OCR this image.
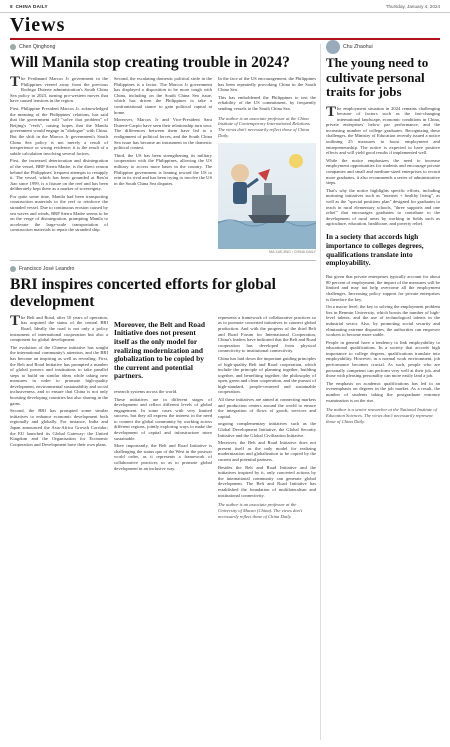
8 CHINA DAILY	Thursday, January 4, 2024
Views
Chen Qinghong
Will Manila stop creating trouble in 2024?

The Ferdinand Marcos Jr government in the Philippines veered away from the previous Rodrigo Duterte administration's South China Sea policy in 2023, turning pro-western moves that have caused tensions in the region.

First, Philippine President Marcos Jr. acknowledged the meaning of the Philippines' relations, has said that the government will "solve that problem" of Beijing's "reefs", raising hopes that the Manila government would engage in "dialogue" with China. But the shift in the Marcos Jr government's South China Sea policy is not merely a result of inexperience or wrong evidence; it is the result of a subtle calculation involving several factors.

First, the increased deterioration and disintegration of the vessel, BRP Sierra Madre, is the direct reason behind the Philippines' frequent attempts to resupply it. The vessel, which has been grounded at Ren'ai Jiao since 1999, is a fixture on the reef and has been deliberately kept there as a marker of sovereignty.

For quite some time, Manila had been transporting construction materials to the reef to reinforce the stranded vessel. Due to continuous erosion caused by sea waves and winds, BRP Sierra Madre seems to be on the verge of disintegration, prompting Manila to accelerate the large-scale transportation of construction materials to repair the stranded ship.

Second, the escalating domestic political strife in the Philippines is a factor. The Marcos Jr government has displayed a disposition to be more tough with China, including on the South China Sea issue, which has driven the Philippines to take a confrontational stance to gain political capital at home.

Moreover, Marcos Jr and Vice-President Sara Duterte-Carpio have seen their relationship turn sour. The differences between them have led to a realignment of political forces, and the South China Sea issue has become an instrument in the domestic political contest.

Third, the US has been strengthening its military cooperation with the Philippines, allowing the US military to access more bases in the country. The Philippine government is leaning toward the US to rein in its rival and has been trying to involve the US in the South China Sea disputes.

In the face of the US encouragement, the Philippines has been repeatedly provoking China in the South China Sea.

This has emboldened the Philippines to test the reliability of the US commitment, by frequently sending vessels to the South China Sea.

The author is an associate professor at the China Institute of Contemporary International Relations. The views don't necessarily reflect those of China Daily.

MA XUEJING / CHINA DAILY
Francisco José Leandro
BRI inspires concerted efforts for global development

The Belt and Road, after 10 years of operation, has acquired the status of the central BRI Road, Ideally the road is not only a policy instrument of international cooperation but also a component for global development.

The evolution of the Chinese initiative has sought the international community's attention, and the BRI has become an inspiring as well as revealing. First, the Belt and Road Initiative has prompted a number of global powers and institutions to take parallel steps to build on similar ideas while taking new measures in order to promote high-quality development, environmental sustainability and social inclusiveness, and to ensure that China is not only boosting developing countries but also sharing in the gains.

Second, the BRI has prompted some similar initiatives to enhance economic development both regionally and globally. For instance, India and Japan announced the Asia-Africa Growth Corridor; the EU launched its Global Gateway; the United Kingdom and the Organisation for Economic Cooperation and Development have their own plans.

Moreover, the Belt and Road Initiative does not present itself as the only model for realizing modernization and globalization to be copied by the current and potential partners.

research systems across the world.

These initiatives are in different stages of development and reflect different levels of global engagement. In some cases with very limited success, but they all express the interest in the need to connect the global community by working across different regions, jointly exploring ways to make the development of capital and infrastructure more sustainable.

More importantly, the Belt and Road Initiative is challenging the status quo of the West in the postwar world order, as it represents a framework of collaborative practices so as to promote global development in an inclusive way.

represents a framework of collaborative practices so as to promote concerted initiatives to connect global production. And with the progress of the third Belt and Road Forum for International Cooperation, China's leaders have indicated that the Belt and Road cooperation has developed from physical connectivity to institutional connectivity.

China has laid down the important guiding principles of high-quality Belt and Road cooperation, which include the principle of planning together, building together, and benefiting together, the philosophy of open, green and clean cooperation, and the pursuit of high-standard, people-centered and sustainable cooperation.

All these initiatives are aimed at connecting markets and production centers around the world to ensure the integration of flows of goods, services and capital.

ongoing complementary initiatives such as the Global Development Initiative, the Global Security Initiative and the Global Civilization Initiative.

Moreover, the Belt and Road Initiative does not present itself as the only model for realizing modernization and globalization to be copied by the current and potential partners.

Besides the Belt and Road Initiative and the initiatives inspired by it, only concerted actions by the international community can generate global development. The Belt and Road Initiative has established the foundation of multilateralism and institutional connectivity.

The author is an associate professor at the University of Macao (China). The views don't necessarily reflect those of China Daily.

Chu Zhaohui
The young need to cultivate personal traits for jobs

The employment situation in 2024 remains challenging because of factors such as the fast-changing international landscape, economic conditions in China, private enterprises' below par performance, and the increasing number of college graduates. Recognizing these challenges, the Ministry of Education recently issued a notice outlining 25 measures to boost employment and entrepreneurship. The notice is expected to have positive effects and will yield good results if implemented well.

While the notice emphasizes the need to increase employment opportunities for students and encourage private companies and small and medium-sized enterprises to recruit more graduates, it also recommends a series of administrative steps.

That's why the notice highlights specific efforts, including nurturing initiatives such as "internet + healthy living", as well as the "special positions plan" designed for graduates to teach in rural elementary schools, "three supports and one relief" that encourages graduates to contribute to the development of rural areas by working in fields such as agriculture, education, healthcare, and poverty relief.

In a society that accords high importance to colleges degrees, qualifications translate into employability.

But given that private enterprises typically account for about 80 percent of employment, the impact of the measures will be limited and may not help overcome all the employment challenges. Increasing policy support for private enterprises is therefore the key.

On a macro level, the key to solving the employment problem lies in Renmin University, which boosts the number of high-level talents, and the use of technological talents in the industrial sector. Also, by promoting social security and eliminating extreme disparities, the authorities can empower workers to become more stable.

People in general have a tendency to link employability to educational qualifications. In a society that accords high importance to college degrees, qualifications translate into employability. However, in a normal work environment, job performance becomes crucial. As such, people who are personally competent can perform very well at their job, and those with pleasing personality can more easily land a job.

The emphasis on academic qualifications has led to an overemphasis on degrees in the job market. As a result, the number of students taking the postgraduate entrance examination is on the rise.

The author is a senior researcher at the National Institute of Education Sciences. The views don't necessarily represent those of China Daily.
